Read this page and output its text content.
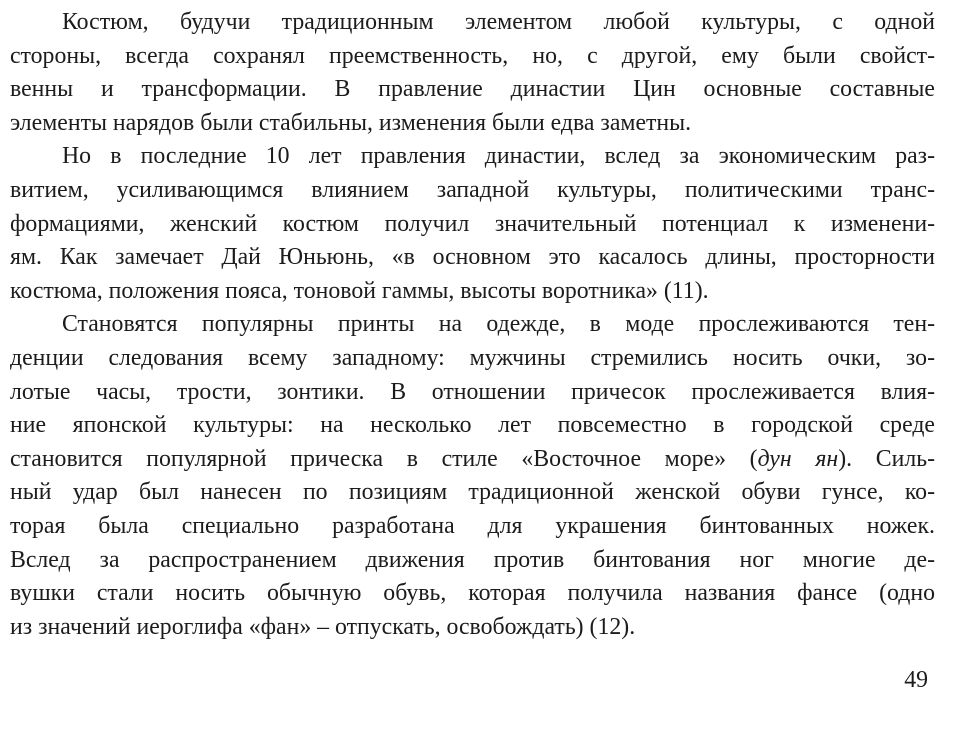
Костюм, будучи традиционным элементом любой культуры, с одной
стороны, всегда сохранял преемственность, но, с другой, ему были свойст-
венны и трансформации. В правление династии Цин основные составные
элементы нарядов были стабильны, изменения были едва заметны.
Но в последние 10 лет правления династии, вслед за экономическим раз-
витием, усиливающимся влиянием западной культуры, политическими транс-
формациями, женский костюм получил значительный потенциал к изменени-
ям. Как замечает Дай Юньюнь, «в основном это касалось длины, просторности
костюма, положения пояса, тоновой гаммы, высоты воротника» (11).
Становятся популярны принты на одежде, в моде прослеживаются тен-
денции следования всему западному: мужчины стремились носить очки, зо-
лотые часы, трости, зонтики. В отношении причесок прослеживается влия-
ние японской культуры: на несколько лет повсеместно в городской среде
становится популярной прическа в стиле «Восточное море» (дун ян). Силь-
ный удар был нанесен по позициям традиционной женской обуви гунсе, ко-
торая была специально разработана для украшения бинтованных ножек.
Вслед за распространением движения против бинтования ног многие де-
вушки стали носить обычную обувь, которая получила названия фансе (одно
из значений иероглифа «фан» – отпускать, освобождать) (12).
49
